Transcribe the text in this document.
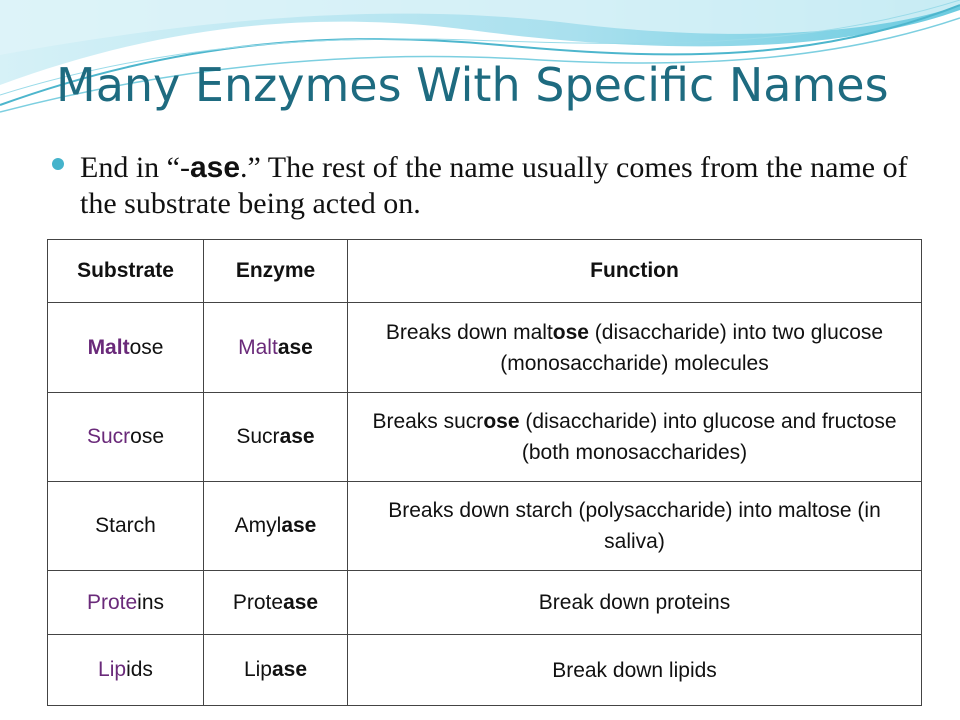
Many Enzymes With Specific Names

End in “-ase.” The rest of the name usually comes from the name of the substrate being acted on.

Substrate	Enzyme	Function
Maltose	Maltase	Breaks down maltose (disaccharide) into two glucose (monosaccharide) molecules
Sucrose	Sucrase	Breaks sucrose (disaccharide) into glucose and fructose (both monosaccharides)
Starch	Amylase	Breaks down starch (polysaccharide) into maltose (in saliva)
Proteins	Protease	Break down proteins
Lipids	Lipase	Break down lipids
